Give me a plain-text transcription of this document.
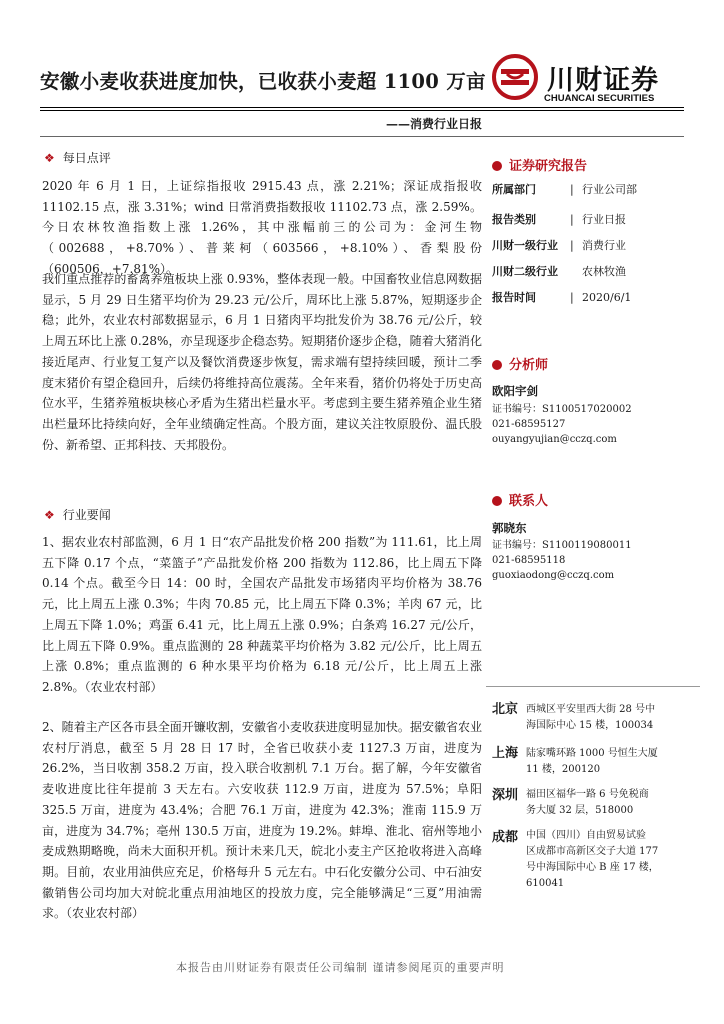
安徽小麦收获进度加快，已收获小麦超 1100 万亩 川财证券
CHUANCAI SECURITIES
——消费行业日报
❖ 每日点评
2020 年 6 月 1 日，上证综指报收 2915.43 点，涨 2.21%；深证成指报收 11102.15 点，涨 3.31%；wind 日常消费指数报收 11102.73 点，涨 2.59%。今日农林牧渔指数上涨 1.26%，其中涨幅前三的公司为：金河生物（002688，+8.70%）、普莱柯（603566，+8.10%）、香梨股份（600506，+7.81%）。
我们重点推荐的畜禽养殖板块上涨 0.93%，整体表现一般。中国畜牧业信息网数据显示，5 月 29 日生猪平均价为 29.23 元/公斤，周环比上涨 5.87%，短期逐步企稳；此外，农业农村部数据显示，6 月 1 日猪肉平均批发价为 38.76 元/公斤，较上周五环比上涨 0.28%，亦呈现逐步企稳态势。短期猪价逐步企稳，随着大猪消化接近尾声、行业复工复产以及餐饮消费逐步恢复，需求端有望持续回暖，预计二季度末猪价有望企稳回升，后续仍将维持高位震荡。全年来看，猪价仍将处于历史高位水平，生猪养殖板块核心矛盾为生猪出栏量水平。考虑到主要生猪养殖企业生猪出栏量环比持续向好，全年业绩确定性高。个股方面，建议关注牧原股份、温氏股份、新希望、正邦科技、天邦股份。
❖ 行业要闻
1、据农业农村部监测，6 月 1 日“农产品批发价格 200 指数”为 111.61，比上周五下降 0.17 个点，“菜篮子”产品批发价格 200 指数为 112.86，比上周五下降 0.14 个点。截至今日 14：00 时，全国农产品批发市场猪肉平均价格为 38.76 元，比上周五上涨 0.3%；牛肉 70.85 元，比上周五下降 0.3%；羊肉 67 元，比上周五下降 1.0%；鸡蛋 6.41 元，比上周五上涨 0.9%；白条鸡 16.27 元/公斤，比上周五下降 0.9%。重点监测的 28 种蔬菜平均价格为 3.82 元/公斤，比上周五上涨 0.8%；重点监测的 6 种水果平均价格为 6.18 元/公斤，比上周五上涨 2.8%。（农业农村部）
2、随着主产区各市县全面开镰收割，安徽省小麦收获进度明显加快。据安徽省农业农村厅消息，截至 5 月 28 日 17 时，全省已收获小麦 1127.3 万亩，进度为 26.2%，当日收割 358.2 万亩，投入联合收割机 7.1 万台。据了解，今年安徽省麦收进度比往年提前 3 天左右。六安收获 112.9 万亩，进度为 57.5%；阜阳 325.5 万亩，进度为 43.4%；合肥 76.1 万亩，进度为 42.3%；淮南 115.9 万亩，进度为 34.7%；亳州 130.5 万亩，进度为 19.2%。蚌埠、淮北、宿州等地小麦成熟期略晚，尚未大面积开机。预计未来几天，皖北小麦主产区抢收将进入高峰期。目前，农业用油供应充足，价格每升 5 元左右。中石化安徽分公司、中石油安徽销售公司均加大对皖北重点用油地区的投放力度，完全能够满足“三夏”用油需求。（农业农村部）
证券研究报告
所属部门	| 行业公司部
报告类别	| 行业日报
川财一级行业 | 消费行业
川财二级行业 农林牧渔
报告时间	| 2020/6/1
分析师
欧阳宇剑
证书编号：S1100517020002
021-68595127
ouyangyujian@cczq.com
联系人
郭晓东
证书编号：S1100119080011
021-68595118
guoxiaodong@cczq.com
北京 西城区平安里西大街 28 号中
海国际中心 15 楼，100034
上海 陆家嘴环路 1000 号恒生大厦
11 楼，200120
深圳 福田区福华一路 6 号免税商
务大厦 32 层，518000
成都 中国（四川）自由贸易试验
区成都市高新区交子大道 177
号中海国际中心 B 座 17 楼，
610041
本报告由川财证券有限责任公司编制 谨请参阅尾页的重要声明
